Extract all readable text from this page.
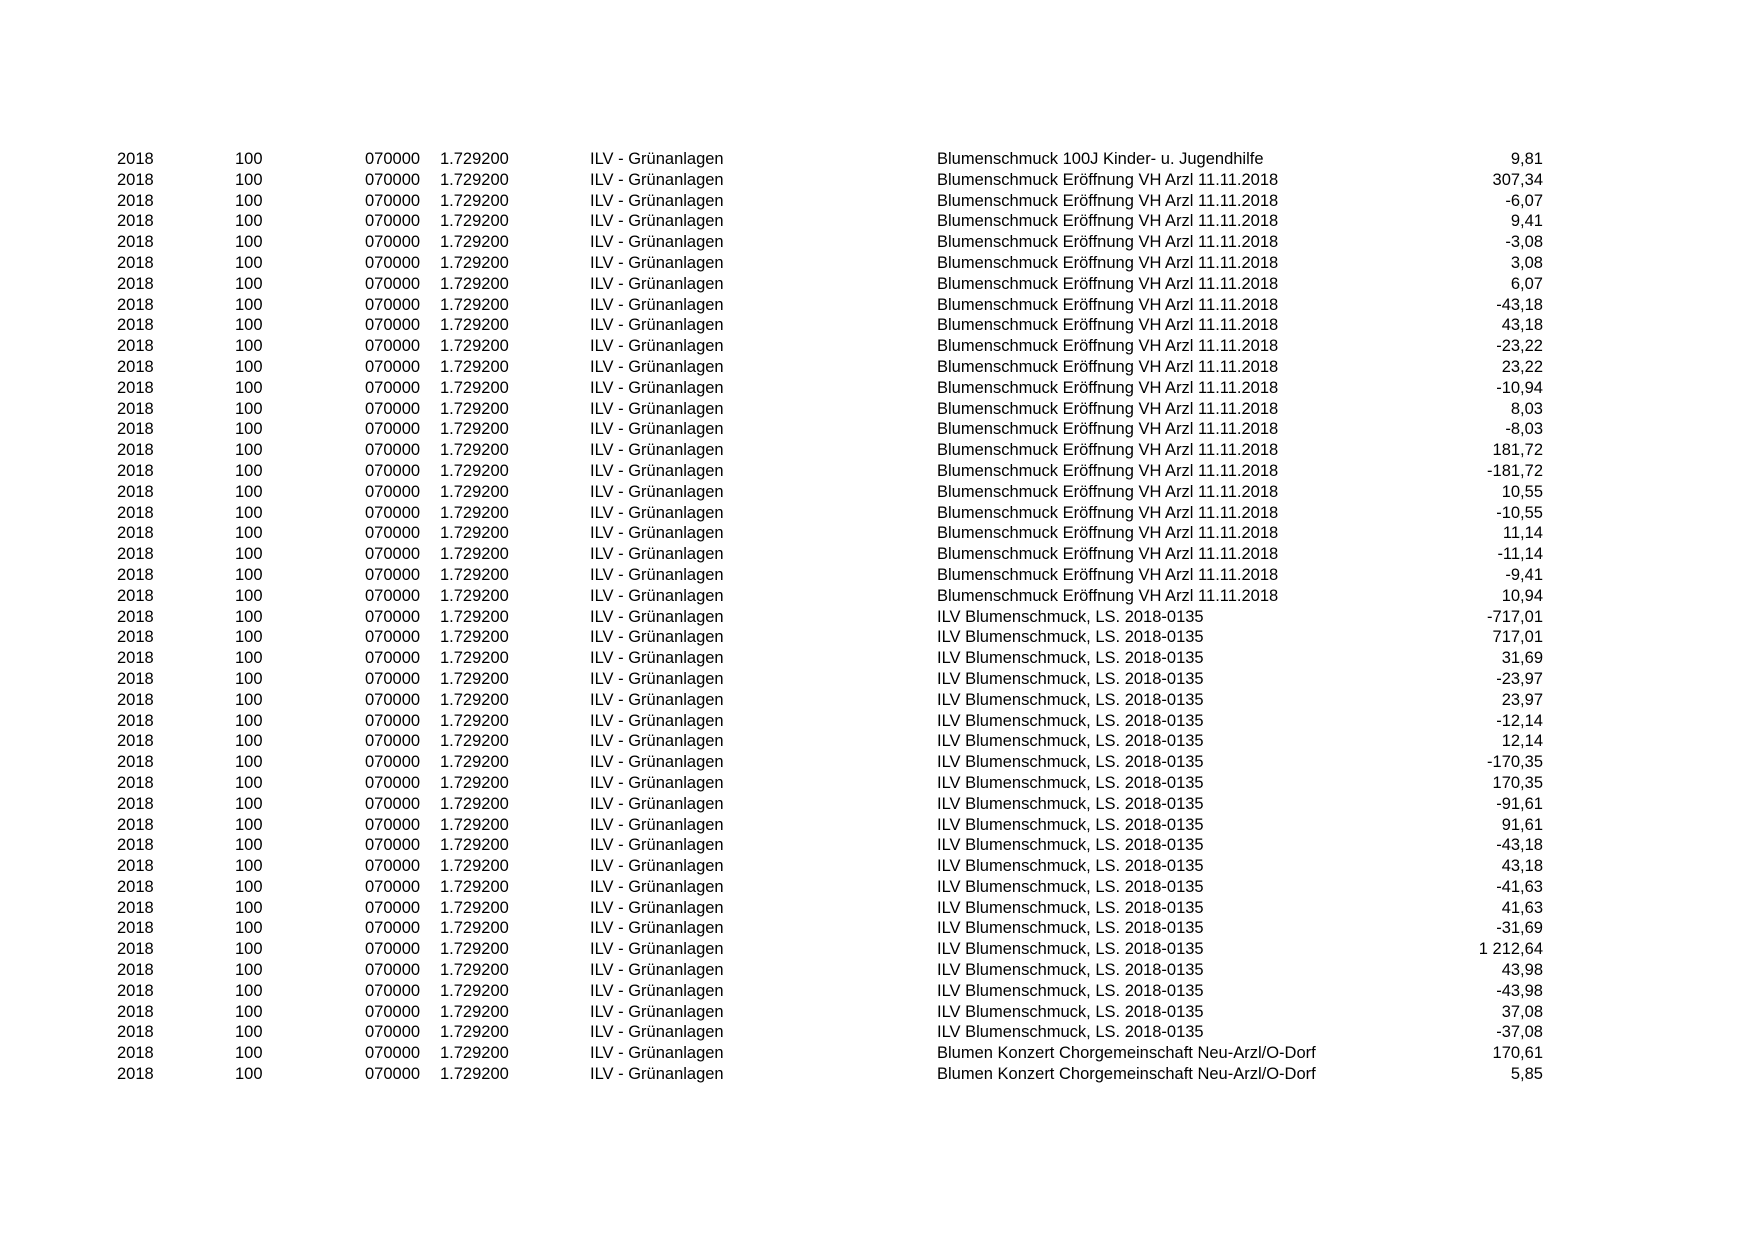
2018	100	070000 1.729200	ILV - Grünanlagen	Blumenschmuck 100J Kinder- u. Jugendhilfe	9,81
2018	100	070000 1.729200	ILV - Grünanlagen	Blumenschmuck Eröffnung VH Arzl 11.11.2018	307,34
2018	100	070000 1.729200	ILV - Grünanlagen	Blumenschmuck Eröffnung VH Arzl 11.11.2018	-6,07
2018	100	070000 1.729200	ILV - Grünanlagen	Blumenschmuck Eröffnung VH Arzl 11.11.2018	9,41
2018	100	070000 1.729200	ILV - Grünanlagen	Blumenschmuck Eröffnung VH Arzl 11.11.2018	-3,08
2018	100	070000 1.729200	ILV - Grünanlagen	Blumenschmuck Eröffnung VH Arzl 11.11.2018	3,08
2018	100	070000 1.729200	ILV - Grünanlagen	Blumenschmuck Eröffnung VH Arzl 11.11.2018	6,07
2018	100	070000 1.729200	ILV - Grünanlagen	Blumenschmuck Eröffnung VH Arzl 11.11.2018	-43,18
2018	100	070000 1.729200	ILV - Grünanlagen	Blumenschmuck Eröffnung VH Arzl 11.11.2018	43,18
2018	100	070000 1.729200	ILV - Grünanlagen	Blumenschmuck Eröffnung VH Arzl 11.11.2018	-23,22
2018	100	070000 1.729200	ILV - Grünanlagen	Blumenschmuck Eröffnung VH Arzl 11.11.2018	23,22
2018	100	070000 1.729200	ILV - Grünanlagen	Blumenschmuck Eröffnung VH Arzl 11.11.2018	-10,94
2018	100	070000 1.729200	ILV - Grünanlagen	Blumenschmuck Eröffnung VH Arzl 11.11.2018	8,03
2018	100	070000 1.729200	ILV - Grünanlagen	Blumenschmuck Eröffnung VH Arzl 11.11.2018	-8,03
2018	100	070000 1.729200	ILV - Grünanlagen	Blumenschmuck Eröffnung VH Arzl 11.11.2018	181,72
2018	100	070000 1.729200	ILV - Grünanlagen	Blumenschmuck Eröffnung VH Arzl 11.11.2018	-181,72
2018	100	070000 1.729200	ILV - Grünanlagen	Blumenschmuck Eröffnung VH Arzl 11.11.2018	10,55
2018	100	070000 1.729200	ILV - Grünanlagen	Blumenschmuck Eröffnung VH Arzl 11.11.2018	-10,55
2018	100	070000 1.729200	ILV - Grünanlagen	Blumenschmuck Eröffnung VH Arzl 11.11.2018	11,14
2018	100	070000 1.729200	ILV - Grünanlagen	Blumenschmuck Eröffnung VH Arzl 11.11.2018	-11,14
2018	100	070000 1.729200	ILV - Grünanlagen	Blumenschmuck Eröffnung VH Arzl 11.11.2018	-9,41
2018	100	070000 1.729200	ILV - Grünanlagen	Blumenschmuck Eröffnung VH Arzl 11.11.2018	10,94
2018	100	070000 1.729200	ILV - Grünanlagen	ILV Blumenschmuck, LS. 2018-0135	-717,01
2018	100	070000 1.729200	ILV - Grünanlagen	ILV Blumenschmuck, LS. 2018-0135	717,01
2018	100	070000 1.729200	ILV - Grünanlagen	ILV Blumenschmuck, LS. 2018-0135	31,69
2018	100	070000 1.729200	ILV - Grünanlagen	ILV Blumenschmuck, LS. 2018-0135	-23,97
2018	100	070000 1.729200	ILV - Grünanlagen	ILV Blumenschmuck, LS. 2018-0135	23,97
2018	100	070000 1.729200	ILV - Grünanlagen	ILV Blumenschmuck, LS. 2018-0135	-12,14
2018	100	070000 1.729200	ILV - Grünanlagen	ILV Blumenschmuck, LS. 2018-0135	12,14
2018	100	070000 1.729200	ILV - Grünanlagen	ILV Blumenschmuck, LS. 2018-0135	-170,35
2018	100	070000 1.729200	ILV - Grünanlagen	ILV Blumenschmuck, LS. 2018-0135	170,35
2018	100	070000 1.729200	ILV - Grünanlagen	ILV Blumenschmuck, LS. 2018-0135	-91,61
2018	100	070000 1.729200	ILV - Grünanlagen	ILV Blumenschmuck, LS. 2018-0135	91,61
2018	100	070000 1.729200	ILV - Grünanlagen	ILV Blumenschmuck, LS. 2018-0135	-43,18
2018	100	070000 1.729200	ILV - Grünanlagen	ILV Blumenschmuck, LS. 2018-0135	43,18
2018	100	070000 1.729200	ILV - Grünanlagen	ILV Blumenschmuck, LS. 2018-0135	-41,63
2018	100	070000 1.729200	ILV - Grünanlagen	ILV Blumenschmuck, LS. 2018-0135	41,63
2018	100	070000 1.729200	ILV - Grünanlagen	ILV Blumenschmuck, LS. 2018-0135	-31,69
2018	100	070000 1.729200	ILV - Grünanlagen	ILV Blumenschmuck, LS. 2018-0135	1 212,64
2018	100	070000 1.729200	ILV - Grünanlagen	ILV Blumenschmuck, LS. 2018-0135	43,98
2018	100	070000 1.729200	ILV - Grünanlagen	ILV Blumenschmuck, LS. 2018-0135	-43,98
2018	100	070000 1.729200	ILV - Grünanlagen	ILV Blumenschmuck, LS. 2018-0135	37,08
2018	100	070000 1.729200	ILV - Grünanlagen	ILV Blumenschmuck, LS. 2018-0135	-37,08
2018	100	070000 1.729200	ILV - Grünanlagen	Blumen Konzert Chorgemeinschaft Neu-Arzl/O-Dorf	170,61
2018	100	070000 1.729200	ILV - Grünanlagen	Blumen Konzert Chorgemeinschaft Neu-Arzl/O-Dorf	5,85
